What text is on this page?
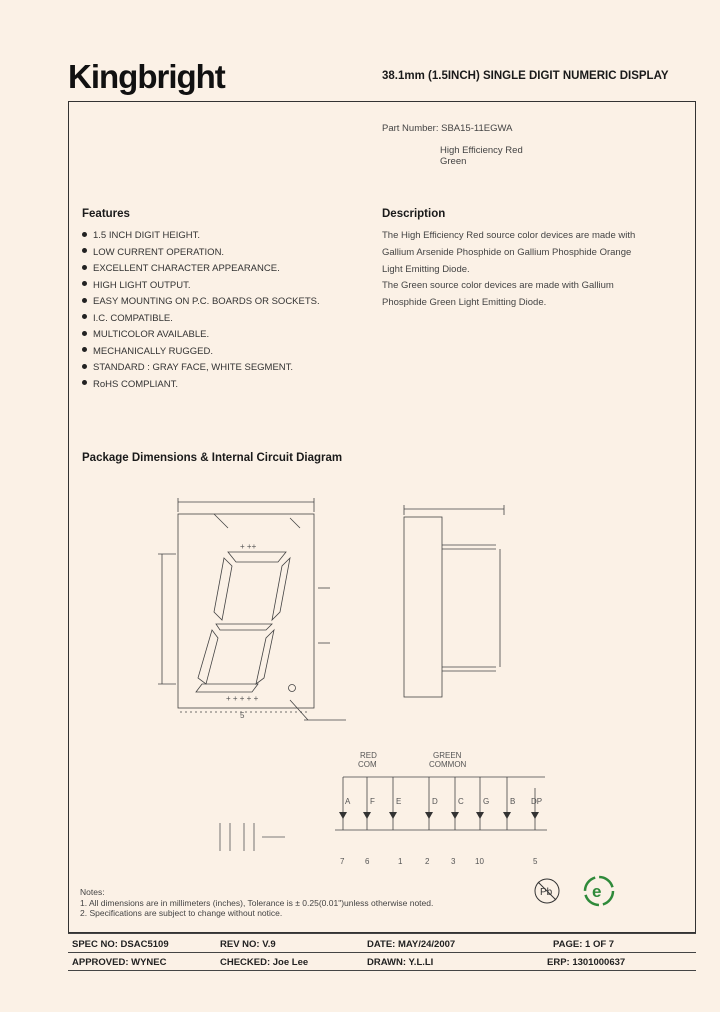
Kingbright	38.1mm (1.5INCH) SINGLE DIGIT NUMERIC DISPLAY
Part Number: SBA15-11EGWA
High Efficiency Red
Green
Features
1.5 INCH DIGIT HEIGHT.
LOW CURRENT OPERATION.
EXCELLENT CHARACTER APPEARANCE.
HIGH LIGHT OUTPUT.
EASY MOUNTING ON P.C. BOARDS OR SOCKETS.
I.C. COMPATIBLE.
MULTICOLOR AVAILABLE.
MECHANICALLY RUGGED.
STANDARD : GRAY FACE, WHITE SEGMENT.
RoHS COMPLIANT.
Description
The High Efficiency Red source color devices are made with
Gallium Arsenide Phosphide on Gallium Phosphide Orange
Light Emitting Diode.
The Green source color devices are made with Gallium
Phosphide Green Light Emitting Diode.
Package Dimensions & Internal Circuit Diagram
+ ++
+ + + + +
5
RED
COM
GREEN
COMMON
A F	E	D	C G	B DP
7	6	1	2	3 10	5
Pb e
Notes:
1. All dimensions are in millimeters (inches), Tolerance is ± 0.25(0.01")unless otherwise noted.
2. Specifications are subject to change without notice.
SPEC NO: DSAC5109	REV NO: V.9	DATE: MAY/24/2007	PAGE: 1 OF 7
APPROVED: WYNEC	CHECKED: Joe Lee	DRAWN: Y.L.LI	ERP: 1301000637
